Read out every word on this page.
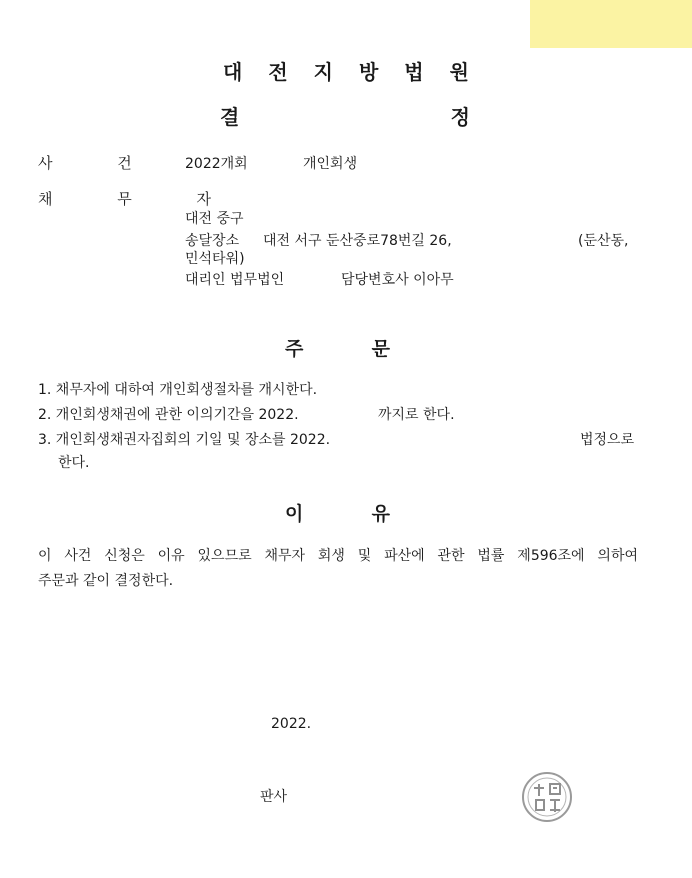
대전지방법원
결	정
사 건 2022개회	개인회생
채 무 자
대전 중구
송달장소 대전 서구 둔산중로78번길 26,	(둔산동,
민석타워)
대리인 법무법인	담당변호사 이아무
주	문
1. 채무자에 대하여 개인회생절차를 개시한다.
2. 개인회생채권에 관한 이의기간을 2022.	까지로 한다.
3. 개인회생채권자집회의 기일 및 장소를 2022.	법정으로
한다.
이	유
이 사건 신청은 이유 있으므로 채무자 회생 및 파산에 관한 법률 제596조에 의하여
주문과 같이 결정한다.
2022.
판사
